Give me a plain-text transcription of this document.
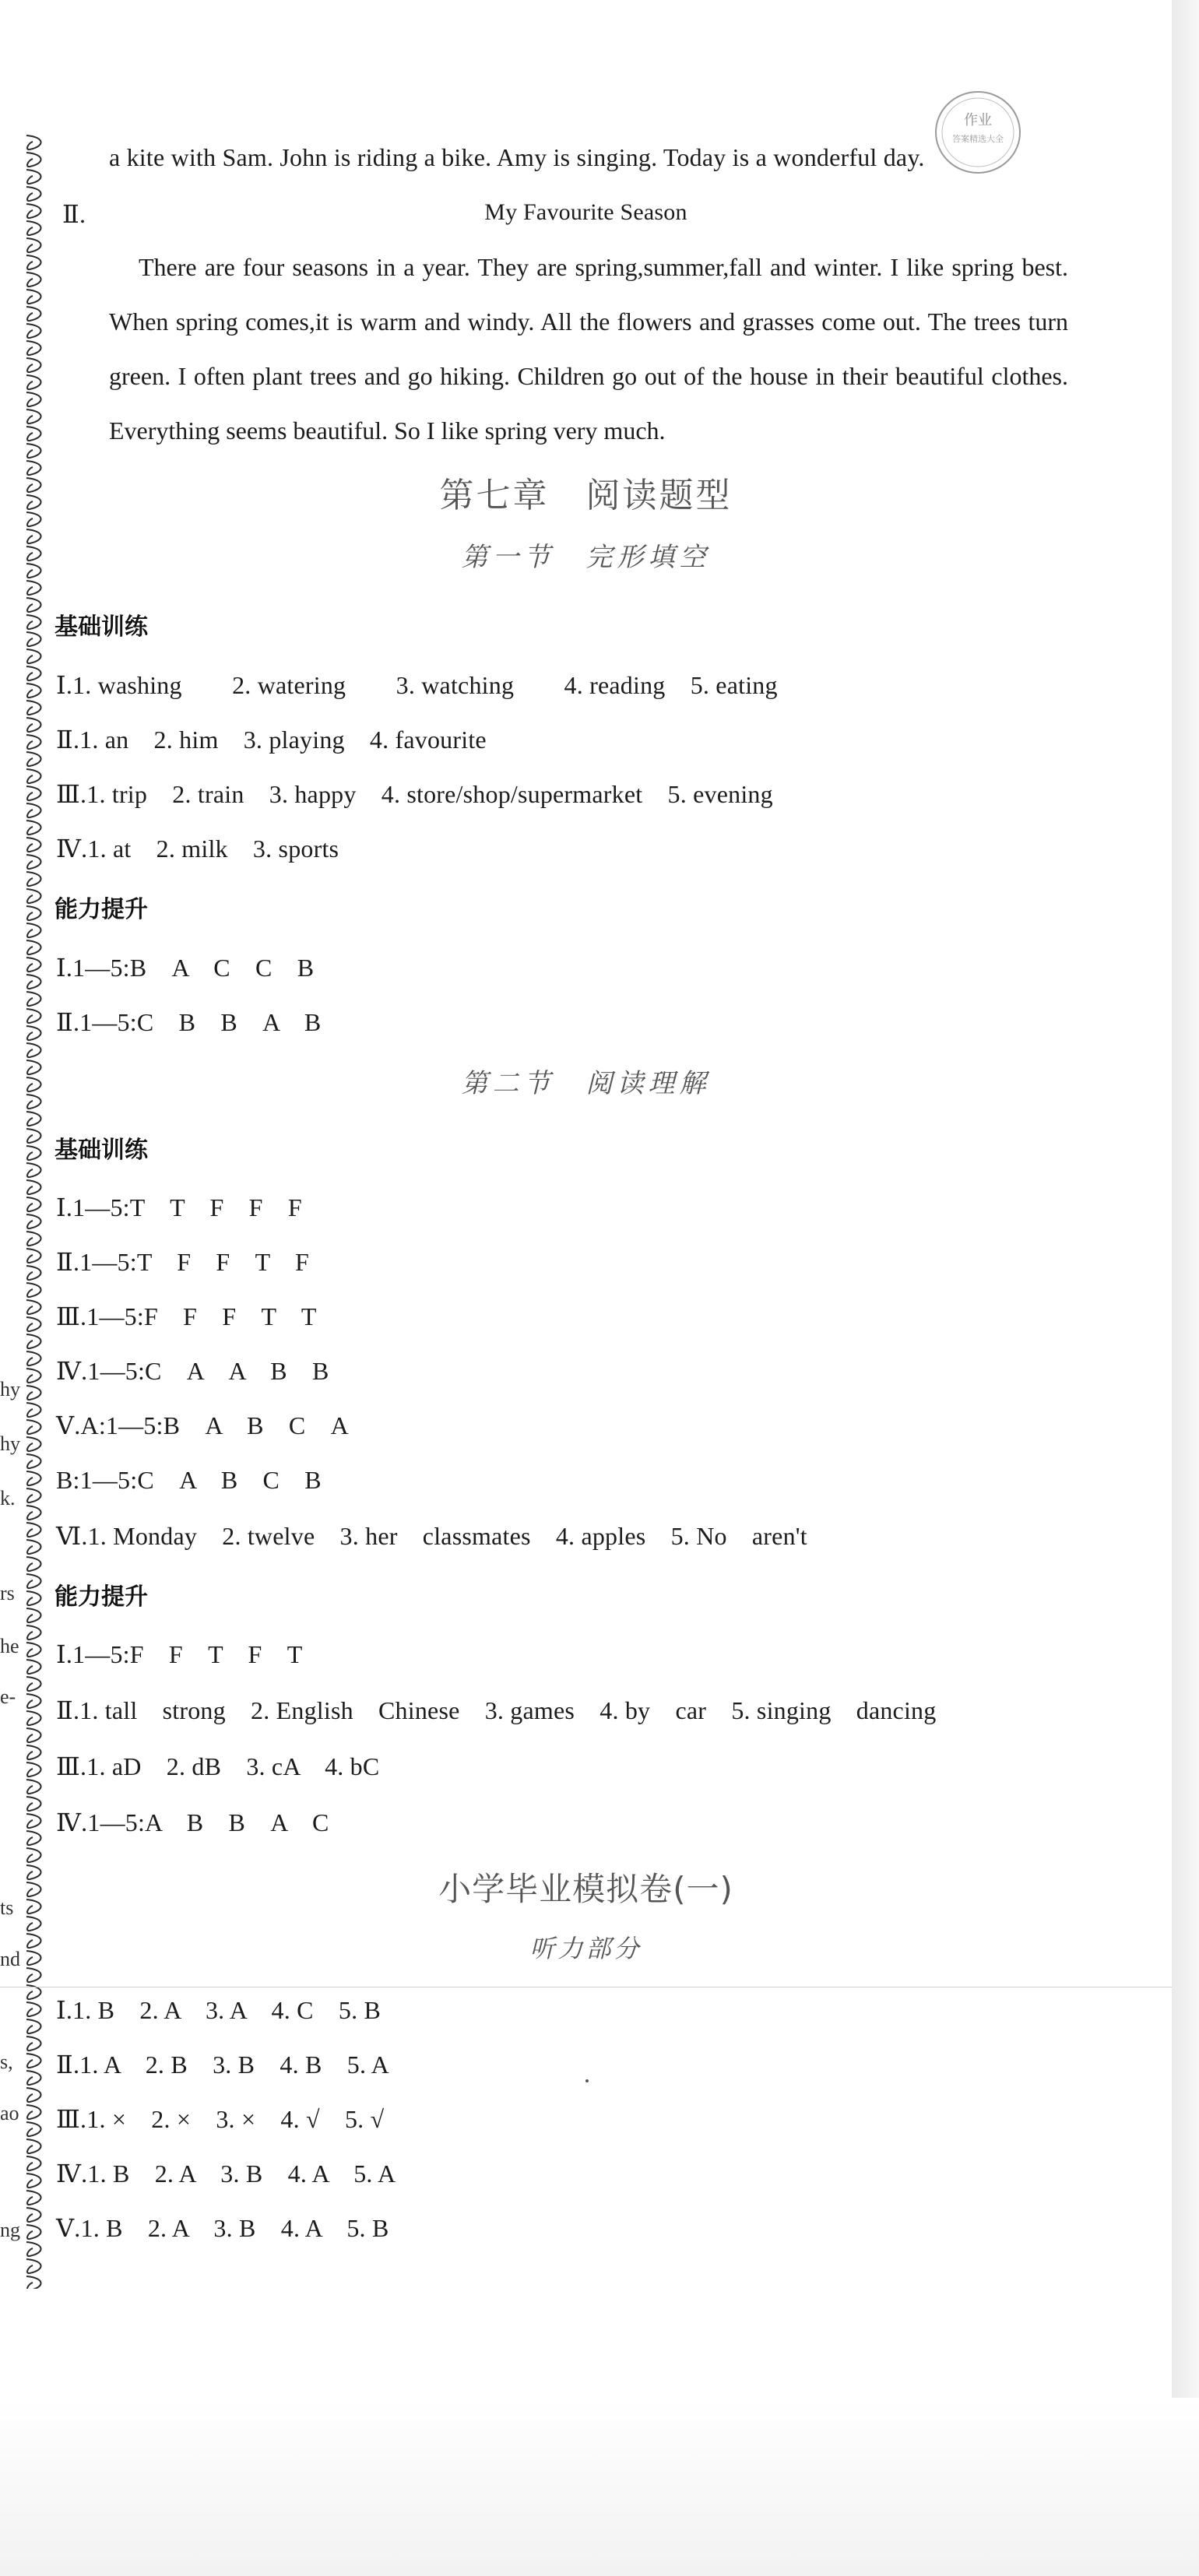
hy
hy
k.
rs
he
e-
ts
nd
s,
ao
ng
作业
答案精选大全
a kite with Sam. John is riding a bike. Amy is singing. Today is a wonderful day.
Ⅱ.	My Favourite Season

There are four seasons in a year. They are spring,summer,fall and winter. I like spring best. When spring comes,it is warm and windy. All the flowers and grasses come out. The trees turn green. I often plant trees and go hiking. Children go out of the house in their beautiful clothes. Everything seems beautiful. So I like spring very much.

第七章　阅读题型
第一节　完形填空
基础训练
Ⅰ.1. washing　　2. watering　　3. watching　　4. reading　5. eating
Ⅱ.1. an　2. him　3. playing　4. favourite
Ⅲ.1. trip　2. train　3. happy　4. store/shop/supermarket　5. evening
Ⅳ.1. at　2. milk　3. sports
能力提升
Ⅰ.1—5:B　A　C　C　B
Ⅱ.1—5:C　B　B　A　B
第二节　阅读理解
基础训练
Ⅰ.1—5:T　T　F　F　F
Ⅱ.1—5:T　F　F　T　F
Ⅲ.1—5:F　F　F　T　T
Ⅳ.1—5:C　A　A　B　B
Ⅴ.A:1—5:B　A　B　C　A
B:1—5:C　A　B　C　B
Ⅵ.1. Monday　2. twelve　3. her　classmates　4. apples　5. No　aren't
能力提升
Ⅰ.1—5:F　F　T　F　T
Ⅱ.1. tall　strong　2. English　Chinese　3. games　4. by　car　5. singing　dancing
Ⅲ.1. aD　2. dB　3. cA　4. bC
Ⅳ.1—5:A　B　B　A　C
小学毕业模拟卷(一)
听力部分
Ⅰ.1. B　2. A　3. A　4. C　5. B
Ⅱ.1. A　2. B　3. B　4. B　5. A
Ⅲ.1. ×　2. ×　3. ×　4. √　5. √
Ⅳ.1. B　2. A　3. B　4. A　5. A
Ⅴ.1. B　2. A　3. B　4. A　5. B
